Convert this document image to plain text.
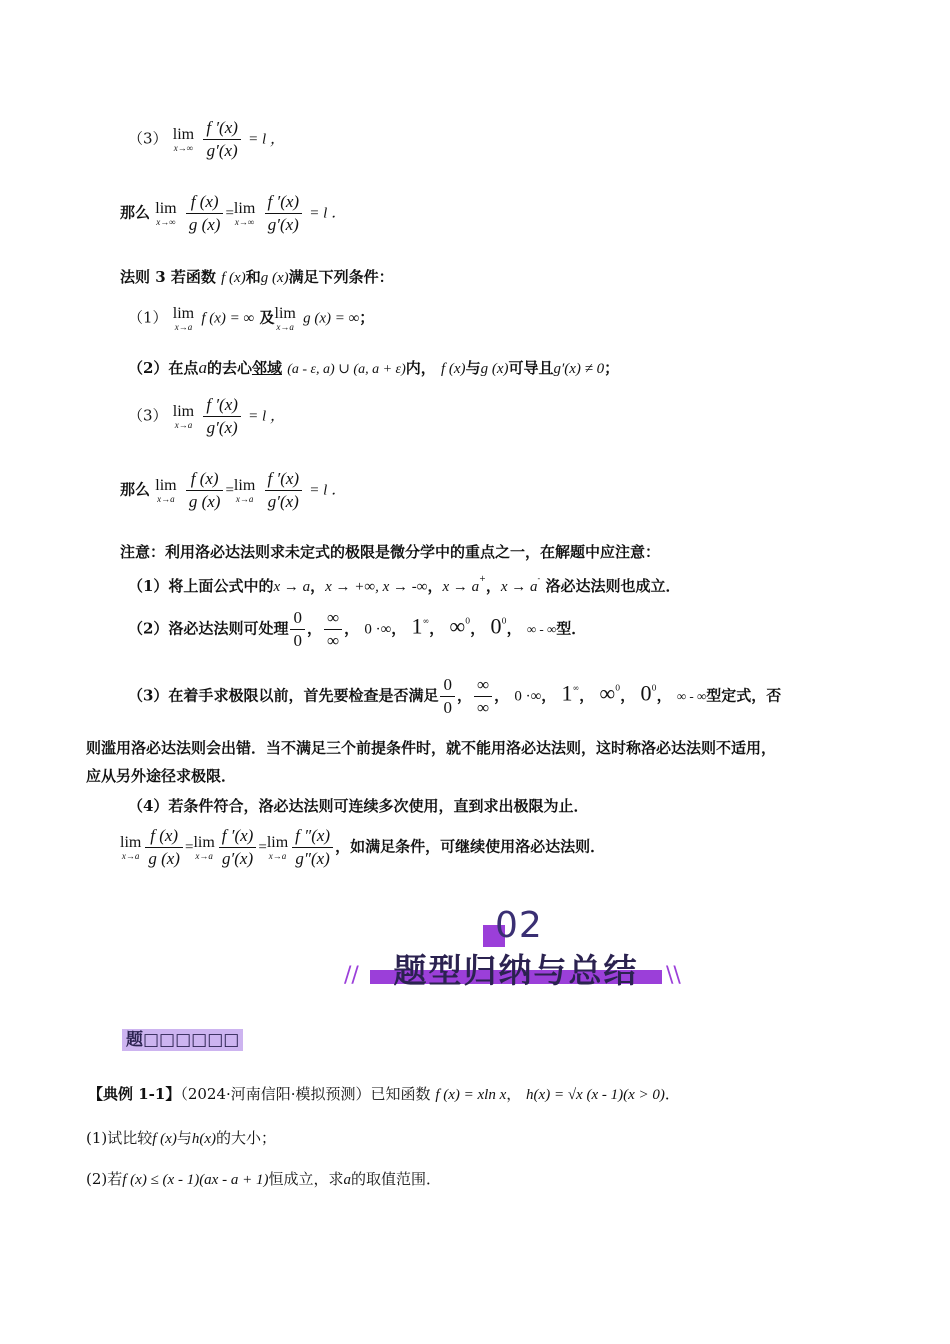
（3） lim
x→∞
$\frac{f '(x)}{g'(x)} = l$ ，
那么 lim
x→∞
$\frac{f (x)}{g (x)} = \lim$
x→∞
$\frac{f '(x)}{g'(x)} = l$ ．
法则 3 若函数 f (x)和g (x)满足下列条件：
（1） lim
x→a
f (x) = ∞ 及 lim
x→a
g (x) = ∞；
（2）在点a的去心邻域 (a - ε, a) ∪ (a, a + ε)内， f (x)与g (x)可导且g′(x) ≠ 0；
（3） lim
x→a
$\frac{f '(x)}{g'(x)} = l$ ，
那么 lim
x→a
$\frac{f (x)}{g (x)} = \lim$
x→a
$\frac{f '(x)}{g'(x)} = l$ ．
注意：利用洛必达法则求未定式的极限是微分学中的重点之一，在解题中应注意：
（1）将上面公式中的x → a，x → +∞, x → -∞，x → a+，x → a- 洛必达法则也成立．
（2）洛必达法则可处理 $\frac{0}{0}$ ， $\frac{\infty}{\infty}$ ， 0 ·∞， 1∞， ∞$^0$， $0^0$， ∞ - ∞型．
（3）在着手求极限以前，首先要检查是否满足 $\frac{0}{0}$ ， $\frac{\infty}{\infty}$ ， 0 ·∞， 1∞， ∞$^0$， $0^0$， ∞ - ∞型定式，否
则滥用洛必达法则会出错．当不满足三个前提条件时，就不能用洛必达法则，这时称洛必达法则不适用，
应从另外途径求极限．
（4）若条件符合，洛必达法则可连续多次使用，直到求出极限为止．
lim
$x\to a \frac{f (x)}{g (x)} = \lim$
$x\to a \frac{f '(x)}{g'(x)} = \lim$
$x\to a \frac{f ''(x)}{g''(x)}$ ，如满足条件，可继续使用洛必达法则．
02
题型归纳与总结
//	\\
题□□□□□□
【典例 1-1】（2024·河南信阳·模拟预测）已知函数 f (x) = xln x， h(x) = √x (x - 1)(x > 0)．
(1)试比较f (x)与h(x)的大小；
(2)若f (x) ≤ (x - 1)(ax - a + 1)恒成立，求a的取值范围．
